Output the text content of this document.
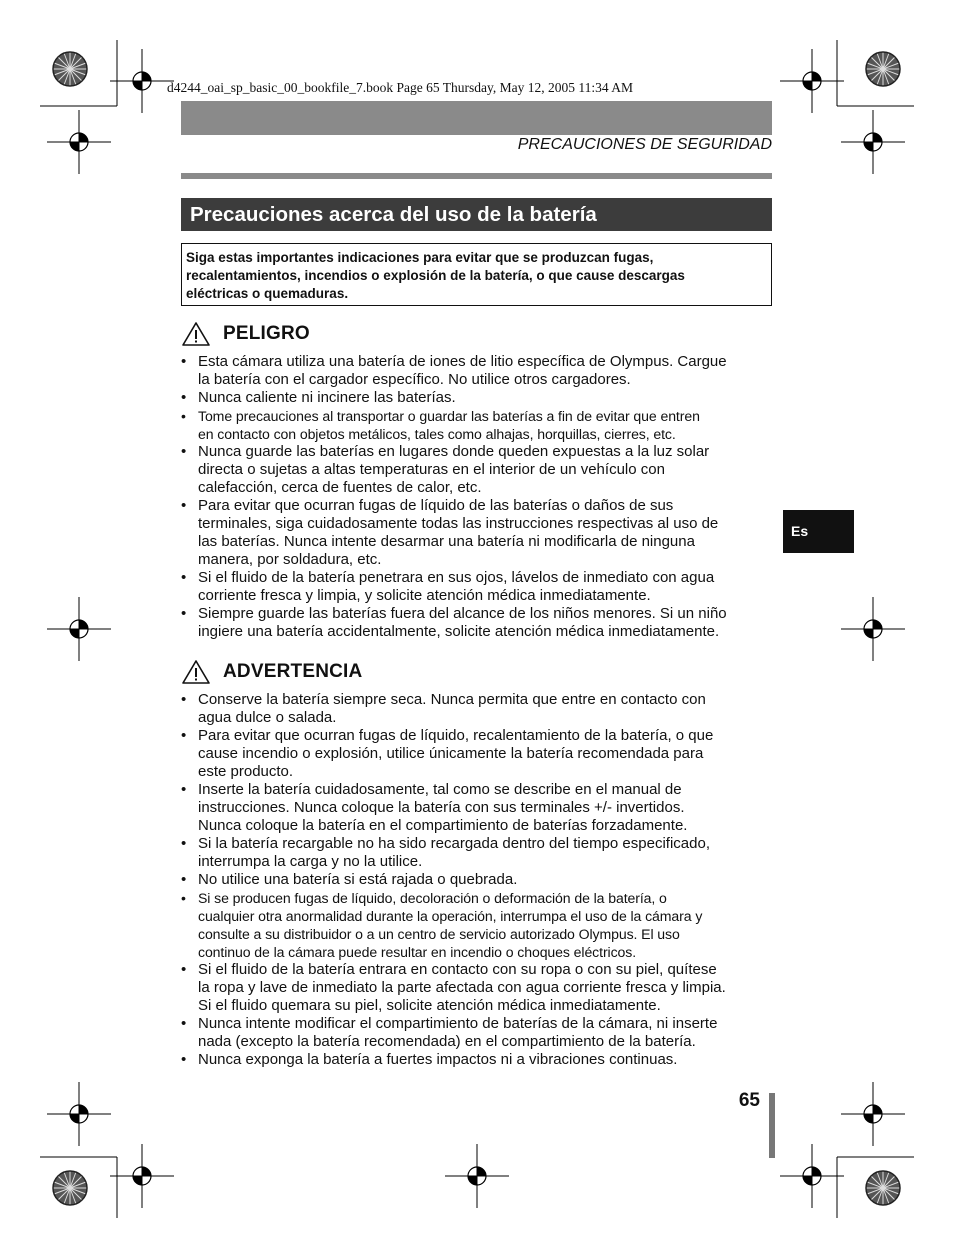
d4244_oai_sp_basic_00_bookfile_7.book Page 65 Thursday, May 12, 2005 11:34 AM
PRECAUCIONES DE SEGURIDAD
Precauciones acerca del uso de la batería

Siga estas importantes indicaciones para evitar que se produzcan fugas,

recalentamientos, incendios o explosión de la batería, o que cause descargas

eléctricas o quemaduras.

PELIGRO
• Esta cámara utiliza una batería de iones de litio específica de Olympus. Cargue
la batería con el cargador específico. No utilice otros cargadores.
• Nunca caliente ni incinere las baterías.
• Tome precauciones al transportar o guardar las baterías a fin de evitar que entren
en contacto con objetos metálicos, tales como alhajas, horquillas, cierres, etc.
• Nunca guarde las baterías en lugares donde queden expuestas a la luz solar
directa o sujetas a altas temperaturas en el interior de un vehículo con
calefacción, cerca de fuentes de calor, etc.
• Para evitar que ocurran fugas de líquido de las baterías o daños de sus
terminales, siga cuidadosamente todas las instrucciones respectivas al uso de
las baterías. Nunca intente desarmar una batería ni modificarla de ninguna
manera, por soldadura, etc.
• Si el fluido de la batería penetrara en sus ojos, lávelos de inmediato con agua
corriente fresca y limpia, y solicite atención médica inmediatamente.
• Siempre guarde las baterías fuera del alcance de los niños menores. Si un niño
ingiere una batería accidentalmente, solicite atención médica inmediatamente.
ADVERTENCIA
• Conserve la batería siempre seca. Nunca permita que entre en contacto con
agua dulce o salada.
• Para evitar que ocurran fugas de líquido, recalentamiento de la batería, o que
cause incendio o explosión, utilice únicamente la batería recomendada para
este producto.
• Inserte la batería cuidadosamente, tal como se describe en el manual de
instrucciones. Nunca coloque la batería con sus terminales +/- invertidos.
Nunca coloque la batería en el compartimiento de baterías forzadamente.
• Si la batería recargable no ha sido recargada dentro del tiempo especificado,
interrumpa la carga y no la utilice.
• No utilice una batería si está rajada o quebrada.
• Si se producen fugas de líquido, decoloración o deformación de la batería, o
cualquier otra anormalidad durante la operación, interrumpa el uso de la cámara y
consulte a su distribuidor o a un centro de servicio autorizado Olympus. El uso
continuo de la cámara puede resultar en incendio o choques eléctricos.
• Si el fluido de la batería entrara en contacto con su ropa o con su piel, quítese
la ropa y lave de inmediato la parte afectada con agua corriente fresca y limpia.
Si el fluido quemara su piel, solicite atención médica inmediatamente.
• Nunca intente modificar el compartimiento de baterías de la cámara, ni inserte
nada (excepto la batería recomendada) en el compartimiento de la batería.
• Nunca exponga la batería a fuertes impactos ni a vibraciones continuas.
Es
65
